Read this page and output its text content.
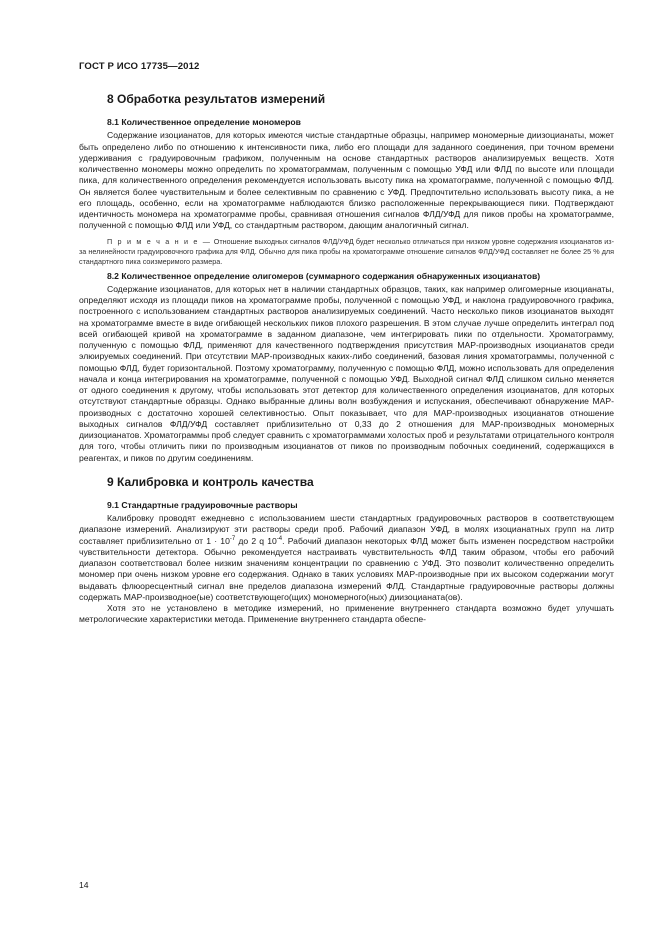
ГОСТ Р ИСО 17735—2012
8 Обработка результатов измерений
8.1 Количественное определение мономеров

Содержание изоцианатов, для которых имеются чистые стандартные образцы, например мономерные диизоцианаты, может быть определено либо по отношению к интенсивности пика, либо его площади для заданного соединения, при точном времени удерживания с градуировочным графиком, полученным на основе стандартных растворов анализируемых веществ. Хотя количественно мономеры можно определить по хроматограммам, полученным с помощью УФД или ФЛД по высоте или площади пика, для количественного определения рекомендуется использовать высоту пика на хроматограмме, полученной с помощью ФЛД. Он является более чувствительным и более селективным по сравнению с УФД. Предпочтительно использовать высоту пика, а не его площадь, особенно, если на хроматограмме наблюдаются близко расположенные перекрывающиеся пики. Подтверждают идентичность мономера на хроматограмме пробы, сравнивая отношения сигналов ФЛД/УФД для пиков пробы на хроматограмме, полученной с помощью ФЛД или УФД, со стандартным раствором, дающим аналогичный сигнал.

П р и м е ч а н и е — Отношение выходных сигналов ФЛД/УФД будет несколько отличаться при низком уровне содержания изоцианатов из-за нелинейности градуировочного графика для ФЛД. Обычно для пика пробы на хроматограмме отношение сигналов ФЛД/УФД составляет не более 25 % для стандартного пика соизмеримого размера.

8.2 Количественное определение олигомеров (суммарного содержания обнаруженных изоцианатов)

Содержание изоцианатов, для которых нет в наличии стандартных образцов, таких, как например олигомерные изоцианаты, определяют исходя из площади пиков на хроматограмме пробы, полученной с помощью УФД, и наклона градуировочного графика, построенного с использованием стандартных растворов анализируемых соединений. Часто несколько пиков изоцианатов выходят на хроматограмме вместе в виде огибающей нескольких пиков плохого разрешения. В этом случае лучше определить интеграл под всей огибающей кривой на хроматограмме в заданном диапазоне, чем интегрировать пики по отдельности. Хроматограмму, полученную с помощью ФЛД, применяют для качественного подтверждения присутствия МАР-производных изоцианатов среди элюируемых соединений. При отсутствии МАР-производных каких-либо соединений, базовая линия хроматограммы, полученной с помощью ФЛД, будет горизонтальной. Поэтому хроматограмму, полученную с помощью ФЛД, можно использовать для определения начала и конца интегрирования на хроматограмме, полученной с помощью УФД. Выходной сигнал ФЛД слишком сильно меняется от одного соединения к другому, чтобы использовать этот детектор для количественного определения изоцианатов, для которых отсутствуют стандартные образцы. Однако выбранные длины волн возбуждения и испускания, обеспечивают обнаружение МАР-производных с достаточно хорошей селективностью. Опыт показывает, что для МАР-производных изоцианатов отношение выходных сигналов ФЛД/УФД составляет приблизительно от 0,33 до 2 отношения для МАР-производных мономерных диизоцианатов. Хроматограммы проб следует сравнить с хроматограммами холостых проб и результатами отрицательного контроля для того, чтобы отличить пики по производным изоцианатов от пиков по производным побочных соединений, содержащихся в реагентах, и пиков по другим соединениям.

9 Калибровка и контроль качества
9.1 Стандартные градуировочные растворы

Калибровку проводят ежедневно с использованием шести стандартных градуировочных растворов в соответствующем диапазоне измерений. Анализируют эти растворы среди проб. Рабочий диапазон УФД, в молях изоцианатных групп на литр составляет приблизительно от $1 \cdot 10^{-7}$ до 2 q $10^{-4}$. Рабочий диапазон некоторых ФЛД может быть изменен посредством настройки чувствительности детектора. Обычно рекомендуется настраивать чувствительность ФЛД таким образом, чтобы его рабочий диапазон соответствовал более низким значениям концентрации по сравнению с УФД. Это позволит количественно определить мономер при очень низком уровне его содержания. Однако в таких условиях МАР-производные при их высоком содержании могут выдавать флюоресцентный сигнал вне пределов диапазона измерений ФЛД. Стандартные градуировочные растворы должны содержать МАР-производное(ые) соответствующего(щих) мономерного(ных) диизоцианата(ов).

Хотя это не установлено в методике измерений, но применение внутреннего стандарта возможно будет улучшать метрологические характеристики метода. Применение внутреннего стандарта обеспе-

14
